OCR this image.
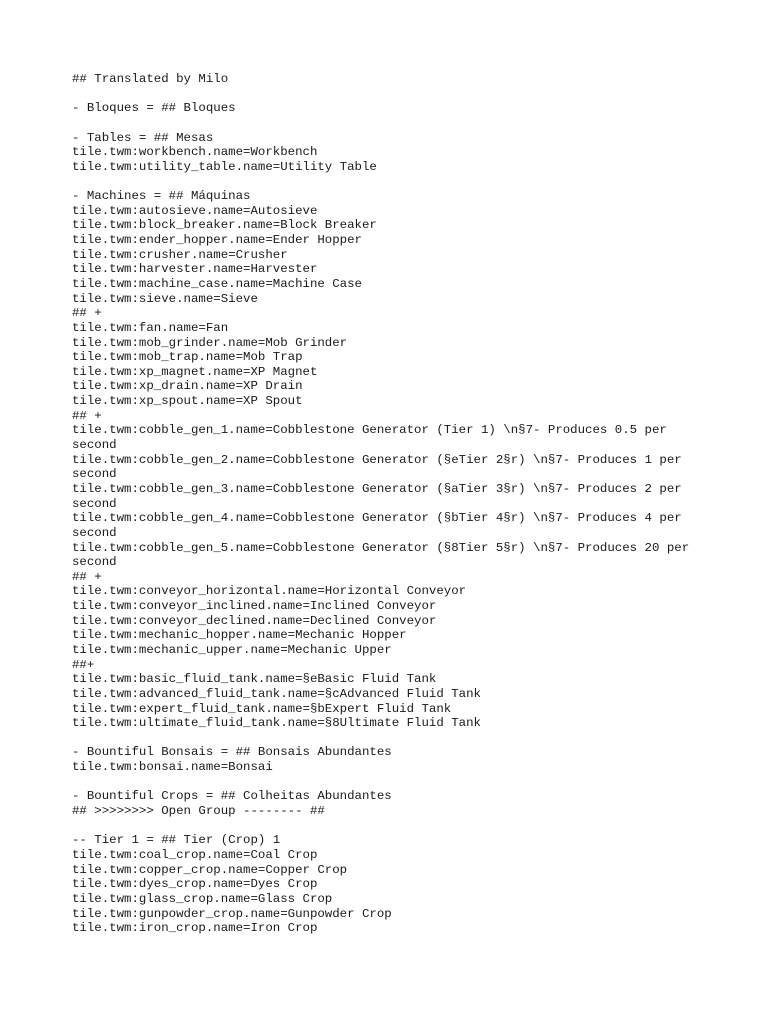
## Translated by Milo
- Bloques = ## Bloques
- Tables = ## Mesas
tile.twm:workbench.name=Workbench
tile.twm:utility_table.name=Utility Table
- Machines = ## Máquinas
tile.twm:autosieve.name=Autosieve
tile.twm:block_breaker.name=Block Breaker
tile.twm:ender_hopper.name=Ender Hopper
tile.twm:crusher.name=Crusher
tile.twm:harvester.name=Harvester
tile.twm:machine_case.name=Machine Case
tile.twm:sieve.name=Sieve
## +
tile.twm:fan.name=Fan
tile.twm:mob_grinder.name=Mob Grinder
tile.twm:mob_trap.name=Mob Trap
tile.twm:xp_magnet.name=XP Magnet
tile.twm:xp_drain.name=XP Drain
tile.twm:xp_spout.name=XP Spout
## +
tile.twm:cobble_gen_1.name=Cobblestone Generator (Tier 1) \n§7- Produces 0.5 per
second
tile.twm:cobble_gen_2.name=Cobblestone Generator (§eTier 2§r) \n§7- Produces 1 per
second
tile.twm:cobble_gen_3.name=Cobblestone Generator (§aTier 3§r) \n§7- Produces 2 per
second
tile.twm:cobble_gen_4.name=Cobblestone Generator (§bTier 4§r) \n§7- Produces 4 per
second
tile.twm:cobble_gen_5.name=Cobblestone Generator (§8Tier 5§r) \n§7- Produces 20 per
second
## +
tile.twm:conveyor_horizontal.name=Horizontal Conveyor
tile.twm:conveyor_inclined.name=Inclined Conveyor
tile.twm:conveyor_declined.name=Declined Conveyor
tile.twm:mechanic_hopper.name=Mechanic Hopper
tile.twm:mechanic_upper.name=Mechanic Upper
##+
tile.twm:basic_fluid_tank.name=§eBasic Fluid Tank
tile.twm:advanced_fluid_tank.name=§cAdvanced Fluid Tank
tile.twm:expert_fluid_tank.name=§bExpert Fluid Tank
tile.twm:ultimate_fluid_tank.name=§8Ultimate Fluid Tank
- Bountiful Bonsais = ## Bonsais Abundantes
tile.twm:bonsai.name=Bonsai
- Bountiful Crops = ## Colheitas Abundantes
## >>>>>>>> Open Group -------- ##
-- Tier 1 = ## Tier (Crop) 1
tile.twm:coal_crop.name=Coal Crop
tile.twm:copper_crop.name=Copper Crop
tile.twm:dyes_crop.name=Dyes Crop
tile.twm:glass_crop.name=Glass Crop
tile.twm:gunpowder_crop.name=Gunpowder Crop
tile.twm:iron_crop.name=Iron Crop
